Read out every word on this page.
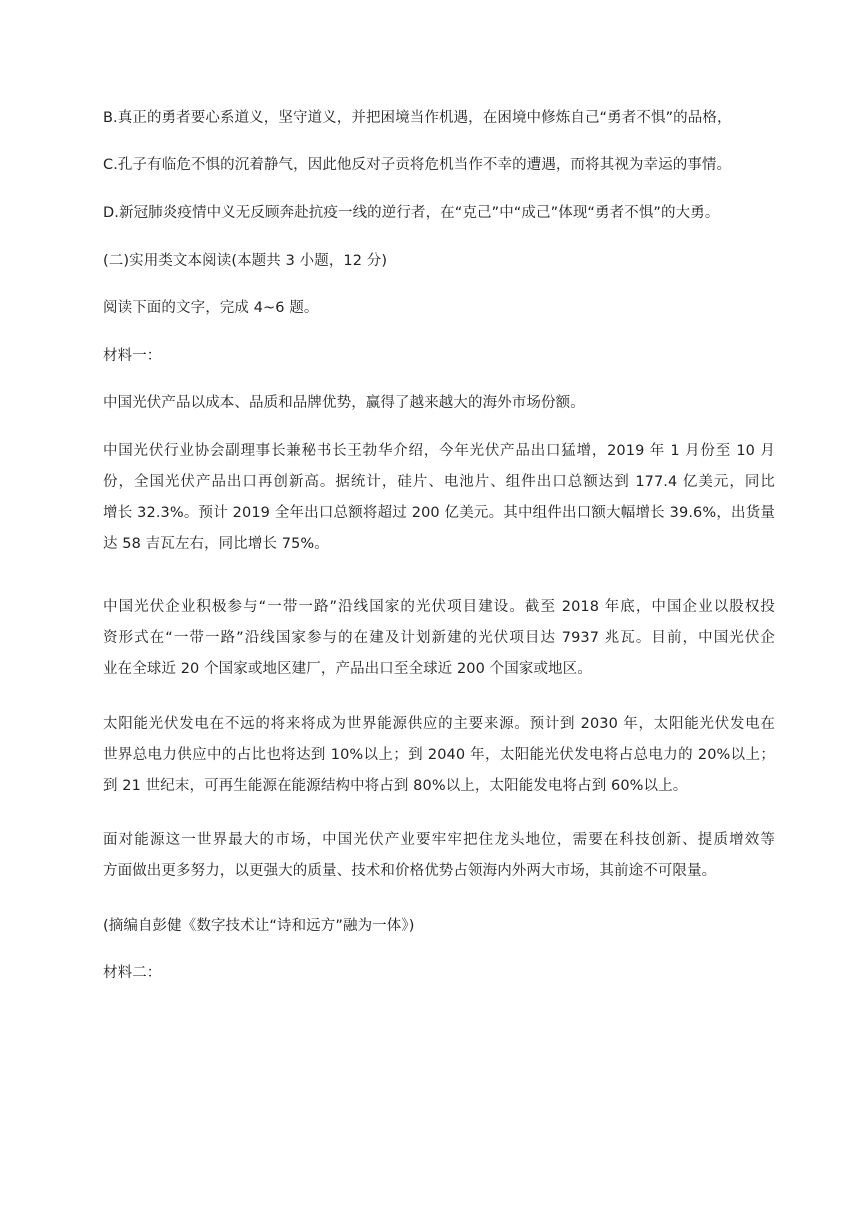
B.真正的勇者要心系道义，坚守道义，并把困境当作机遇，在困境中修炼自己“勇者不惧”的品格，

C.孔子有临危不惧的沉着静气，因此他反对子贡将危机当作不幸的遭遇，而将其视为幸运的事情。

D.新冠肺炎疫情中义无反顾奔赴抗疫一线的逆行者，在“克己”中“成己”体现“勇者不惧”的大勇。

(二)实用类文本阅读(本题共 3 小题，12 分)

阅读下面的文字，完成 4~6 题。

材料一：

中国光伏产品以成本、品质和品牌优势，赢得了越来越大的海外市场份额。

中国光伏行业协会副理事长兼秘书长王勃华介绍，今年光伏产品出口猛增，2019 年 1 月份至 10 月
份，全国光伏产品出口再创新高。据统计，硅片、电池片、组件出口总额达到 177.4 亿美元，同比
增长 32.3%。预计 2019 全年出口总额将超过 200 亿美元。其中组件出口额大幅增长 39.6%，出货量
达 58 吉瓦左右，同比增长 75%。

中国光伏企业积极参与“一带一路”沿线国家的光伏项目建设。截至 2018 年底，中国企业以股权投
资形式在“一带一路”沿线国家参与的在建及计划新建的光伏项目达 7937 兆瓦。目前，中国光伏企
业在全球近 20 个国家或地区建厂，产品出口至全球近 200 个国家或地区。

太阳能光伏发电在不远的将来将成为世界能源供应的主要来源。预计到 2030 年，太阳能光伏发电在
世界总电力供应中的占比也将达到 10%以上；到 2040 年，太阳能光伏发电将占总电力的 20%以上；
到 21 世纪末，可再生能源在能源结构中将占到 80%以上，太阳能发电将占到 60%以上。

面对能源这一世界最大的市场，中国光伏产业要牢牢把住龙头地位，需要在科技创新、提质增效等
方面做出更多努力，以更强大的质量、技术和价格优势占领海内外两大市场，其前途不可限量。

(摘编自彭健《数字技术让“诗和远方”融为一体》)

材料二：
